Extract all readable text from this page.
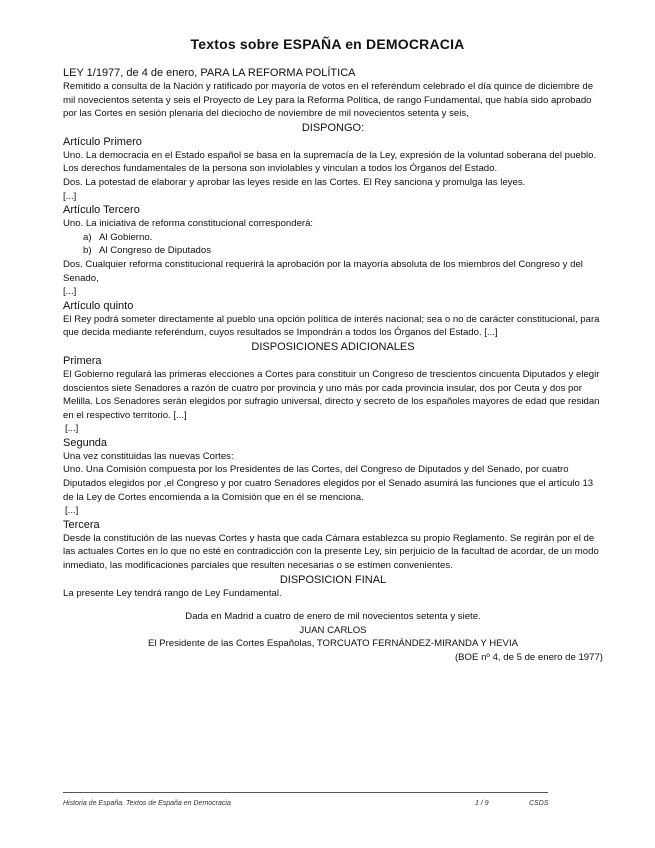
Textos sobre ESPAÑA en DEMOCRACIA

LEY 1/1977, de 4 de enero, PARA LA REFORMA POLÍTICA

Remitido a consulta de la Nación y ratificado por mayoría de votos en el referéndum celebrado el día quince de diciembre de mil novecientos setenta y seis el Proyecto de Ley para la Reforma Política, de rango Fundamental, que había sido aprobado por las Cortes en sesión plenaria del dieciocho de noviembre de mil novecientos setenta y seis,

DISPONGO:

Artículo Primero

Uno. La democracia en el Estado español se basa en la supremacía de la Ley, expresión de la voluntad soberana del pueblo.

Los derechos fundamentales de la persona son inviolables y vinculan a todos los Órganos del Estado.

Dos. La potestad de elaborar y aprobar las leyes reside en las Cortes. El Rey sanciona y promulga las leyes.

[...]

Artículo Tercero

Uno. La iniciativa de reforma constitucional corresponderá:

a) Al Gobierno.
b) Al Congreso de Diputados

Dos. Cualquier reforma constitucional requerirá la aprobación por la mayoría absoluta de los miembros del Congreso y del Senado,

[...]

Artículo quinto

El Rey podrá someter directamente al pueblo una opción política de interés nacional; sea o no de carácter constitucional, para que decida mediante referéndum, cuyos resultados se Impondrán a todos los Órganos del Estado. [...]

DISPOSICIONES ADICIONALES

Primera

El Gobierno regulará las primeras elecciones a Cortes para constituir un Congreso de trescientos cincuenta Diputados y elegir doscientos siete Senadores a razón de cuatro por provincia y uno más por cada provincia insular, dos por Ceuta y dos por Melilla. Los Senadores serán elegidos por sufragio universal, directo y secreto de los españoles mayores de edad que residan en el respectivo territorio. [...]

[...]

Segunda

Una vez constituidas las nuevas Cortes:

Uno. Una Comisión compuesta por los Presidentes de las Cortes, del Congreso de Diputados y del Senado, por cuatro Diputados elegidos por ,el Congreso y por cuatro Senadores elegidos por el Senado asumirá las funciones que el artículo 13 de la Ley de Cortes encomienda a la Comisión que en él se menciona.

[...]

Tercera

Desde la constitución de las nuevas Cortes y hasta que cada Cámara establezca su propio Reglamento. Se regirán por el de las actuales Cortes en lo que no esté en contradicción con la presente Ley, sin perjuicio de la facultad de acordar, de un modo inmediato, las modificaciones parciales que resulten necesarias o se estimen convenientes.

DISPOSICION FINAL

La presente Ley tendrá rango de Ley Fundamental.

Dada en Madrid a cuatro de enero de mil novecientos setenta y siete.

JUAN CARLOS

El Presidente de las Cortes Españolas, TORCUATO FERNÁNDEZ-MIRANDA Y HEVIA

(BOE nº 4, de 5 de enero de 1977)

Historia de España. Textos de España en Democracia	1 / 9	CSDS
